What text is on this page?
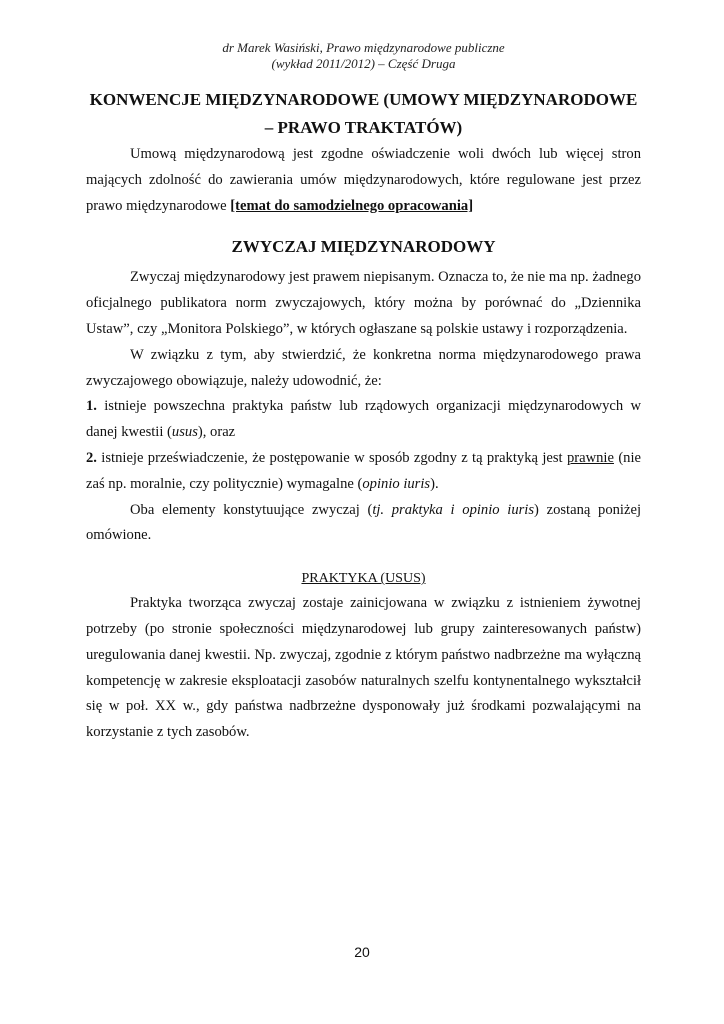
dr Marek Wasiński, Prawo międzynarodowe publiczne
(wykład 2011/2012) – Część Druga
KONWENCJE MIĘDZYNARODOWE (UMOWY MIĘDZYNARODOWE
– PRAWO TRAKTATÓW)

Umową międzynarodową jest zgodne oświadczenie woli dwóch lub więcej stron mających zdolność do zawierania umów międzynarodowych, które regulowane jest przez prawo międzynarodowe [temat do samodzielnego opracowania]

ZWYCZAJ MIĘDZYNARODOWY

Zwyczaj międzynarodowy jest prawem niepisanym. Oznacza to, że nie ma np. żadnego oficjalnego publikatora norm zwyczajowych, który można by porównać do „Dziennika Ustaw”, czy „Monitora Polskiego”, w których ogłaszane są polskie ustawy i rozporządzenia.

W związku z tym, aby stwierdzić, że konkretna norma międzynarodowego prawa zwyczajowego obowiązuje, należy udowodnić, że:

1. istnieje powszechna praktyka państw lub rządowych organizacji międzynarodowych w danej kwestii (usus), oraz

2. istnieje przeświadczenie, że postępowanie w sposób zgodny z tą praktyką jest prawnie (nie zaś np. moralnie, czy politycznie) wymagalne (opinio iuris).

Oba elementy konstytuujące zwyczaj (tj. praktyka i opinio iuris) zostaną poniżej omówione.

PRAKTYKA (USUS)

Praktyka tworząca zwyczaj zostaje zainicjowana w związku z istnieniem żywotnej potrzeby (po stronie społeczności międzynarodowej lub grupy zainteresowanych państw) uregulowania danej kwestii. Np. zwyczaj, zgodnie z którym państwo nadbrzeżne ma wyłączną kompetencję w zakresie eksploatacji zasobów naturalnych szelfu kontynentalnego wykształcił się w poł. XX w., gdy państwa nadbrzeżne dysponowały już środkami pozwalającymi na korzystanie z tych zasobów.

20
